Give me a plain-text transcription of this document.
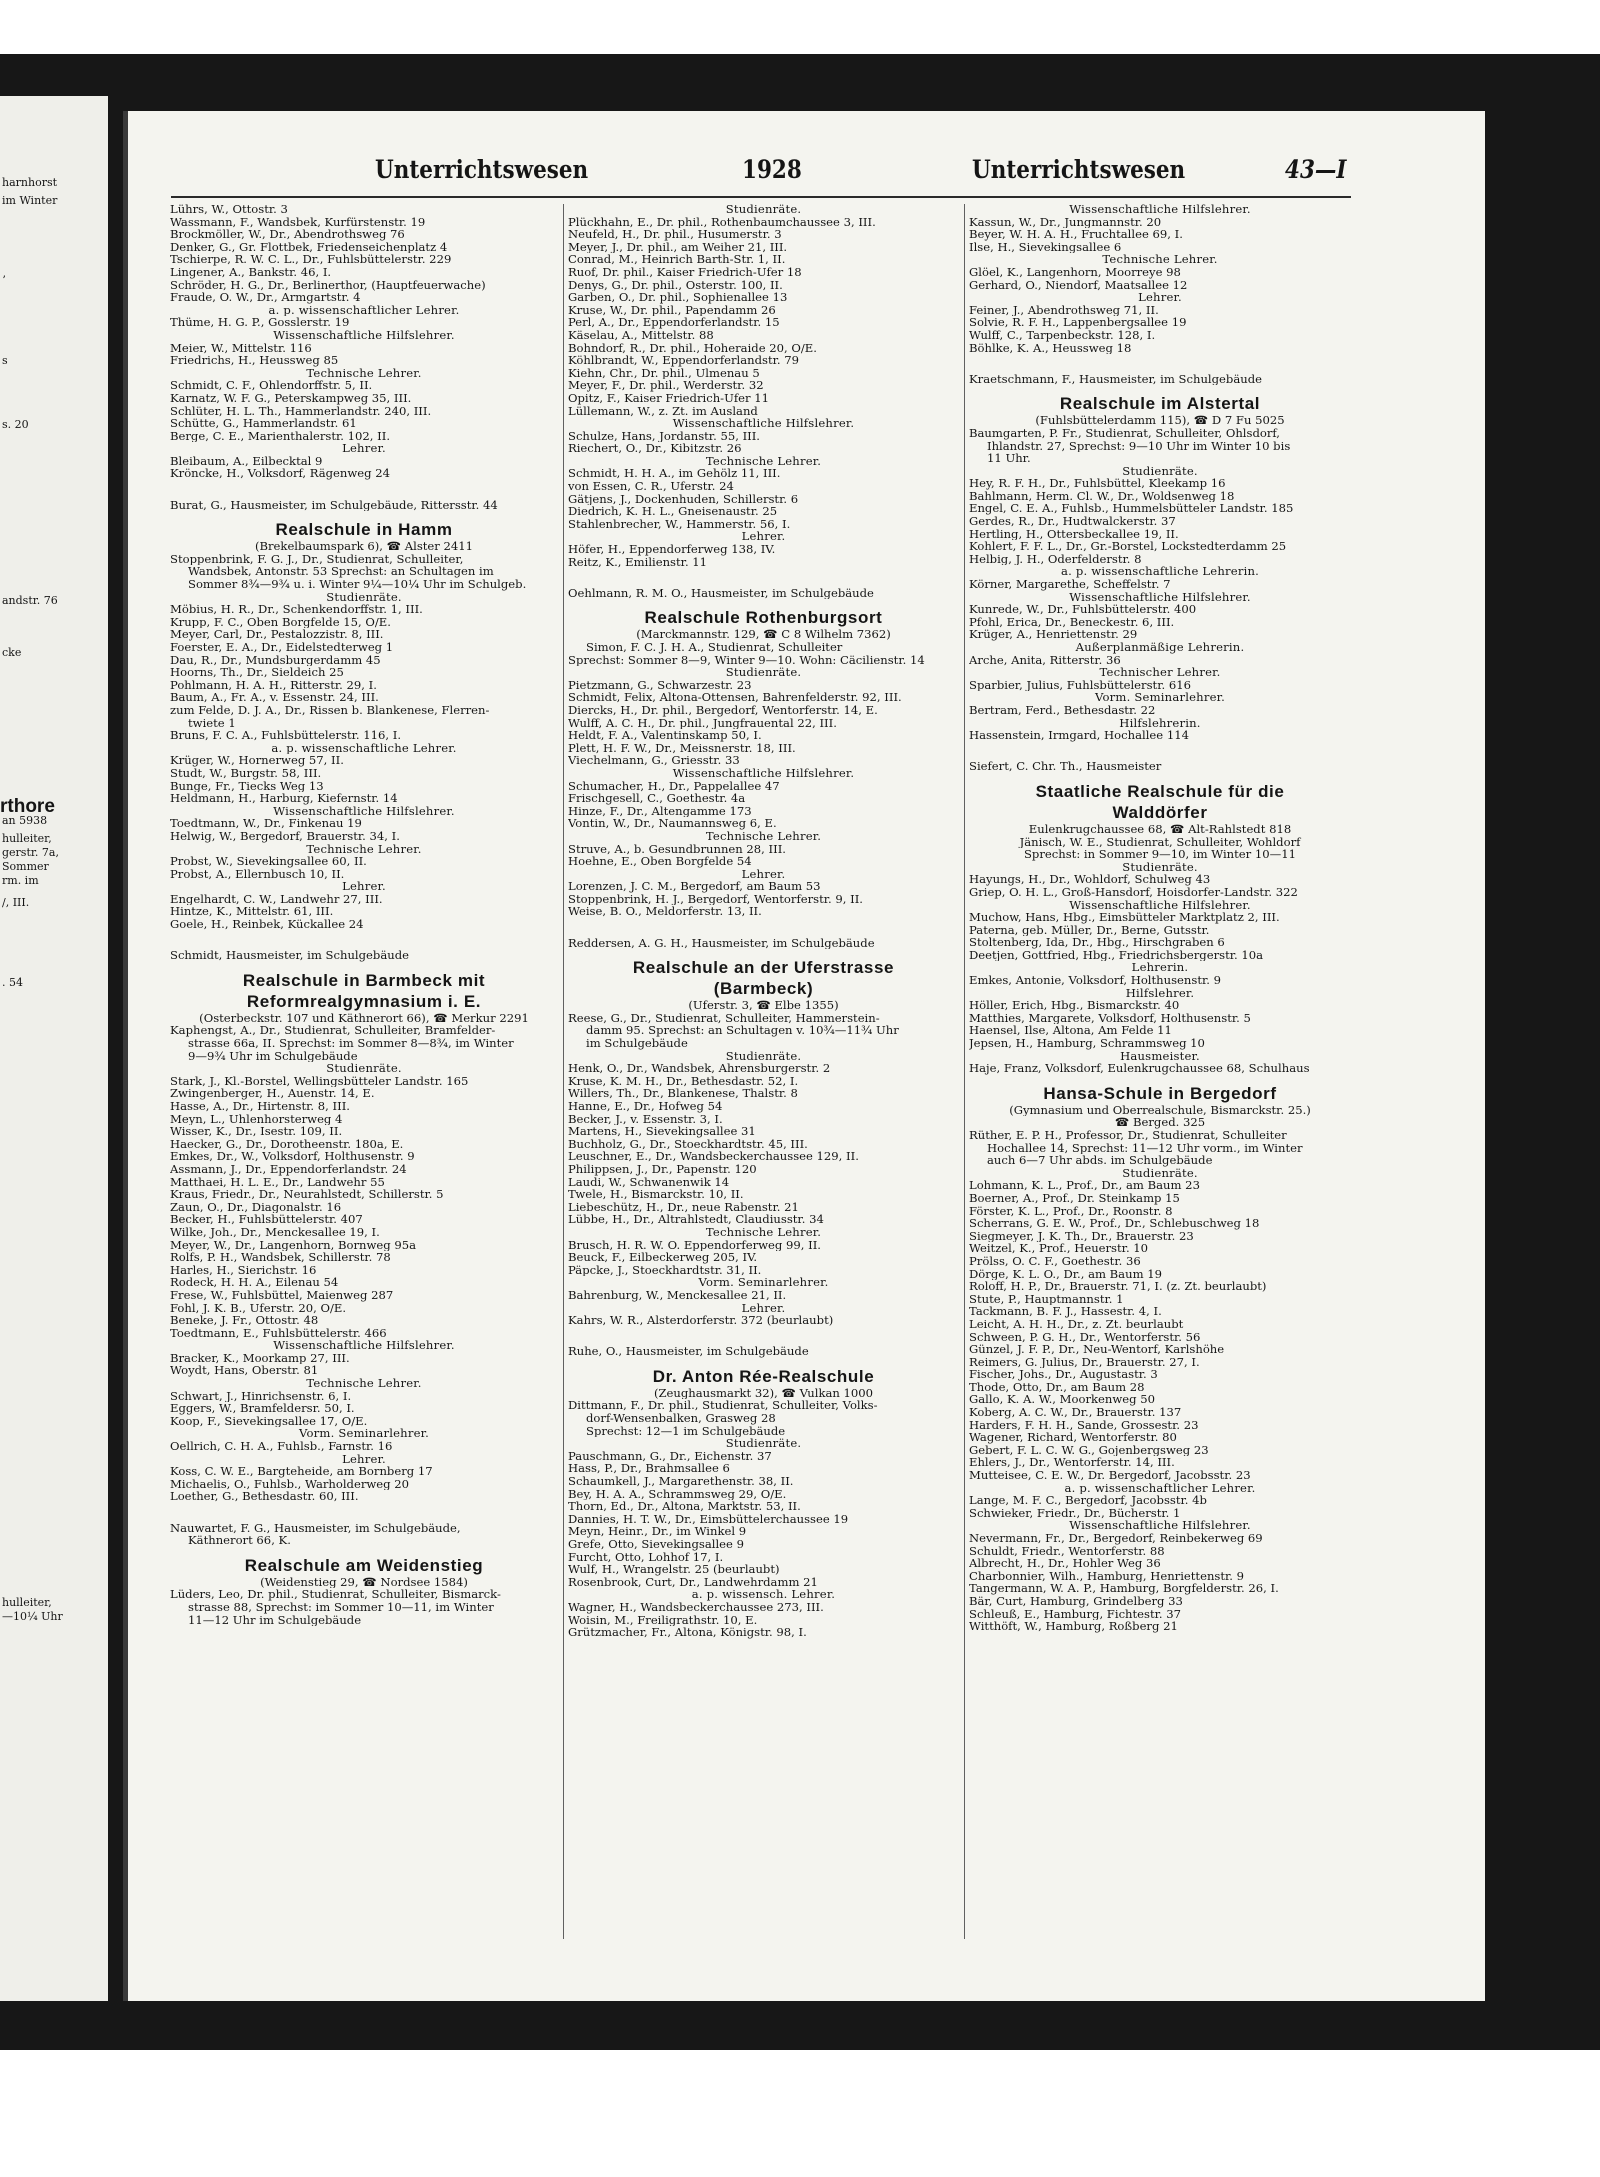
harnhorst
im Winter
ʼ
s
s. 20
andstr. 76
cke
rthore
an 5938
hulleiter,
gerstr. 7a,
Sommer
rm. im
/, III.
. 54
hulleiter,
—10¼ Uhr
Unterrichtswesen	1928	Unterrichtswesen	43—I
Lührs, W., Ottostr. 3
Wassmann, F., Wandsbek, Kurfürstenstr. 19
Brockmöller, W., Dr., Abendrothsweg 76
Denker, G., Gr. Flottbek, Friedenseichenplatz 4
Tschierpe, R. W. C. L., Dr., Fuhlsbüttelerstr. 229
Lingener, A., Bankstr. 46, I.
Schröder, H. G., Dr., Berlinerthor, (Hauptfeuerwache)
Fraude, O. W., Dr., Armgartstr. 4
a. p. wissenschaftlicher Lehrer.
Thüme, H. G. P., Gosslerstr. 19
Wissenschaftliche Hilfslehrer.
Meier, W., Mittelstr. 116
Friedrichs, H., Heussweg 85
Technische Lehrer.
Schmidt, C. F., Ohlendorffstr. 5, II.
Karnatz, W. F. G., Peterskampweg 35, III.
Schlüter, H. L. Th., Hammerlandstr. 240, III.
Schütte, G., Hammerlandstr. 61
Berge, C. E., Marienthalerstr. 102, II.
Lehrer.
Bleibaum, A., Eilbecktal 9
Kröncke, H., Volksdorf, Rägenweg 24

Burat, G., Hausmeister, im Schulgebäude, Rittersstr. 44
Realschule in Hamm
(Brekelbaumspark 6), ☎ Alster 2411
Stoppenbrink, F. G. J., Dr., Studienrat, Schulleiter,
Wandsbek, Antonstr. 53 Sprechst: an Schultagen im
Sommer 8¾—9¾ u. i. Winter 9¼—10¼ Uhr im Schulgeb.
Studienräte.
Möbius, H. R., Dr., Schenkendorffstr. 1, III.
Krupp, F. C., Oben Borgfelde 15, O/E.
Meyer, Carl, Dr., Pestalozzistr. 8, III.
Foerster, E. A., Dr., Eidelstedterweg 1
Dau, R., Dr., Mundsburgerdamm 45
Hoorns, Th., Dr., Sieldeich 25
Pohlmann, H. A. H., Ritterstr. 29, I.
Baum, A., Fr. A., v. Essenstr. 24, III.
zum Felde, D. J. A., Dr., Rissen b. Blankenese, Flerren-
twiete 1
Bruns, F. C. A., Fuhlsbüttelerstr. 116, I.
a. p. wissenschaftliche Lehrer.
Krüger, W., Hornerweg 57, II.
Studt, W., Burgstr. 58, III.
Bunge, Fr., Tiecks Weg 13
Heldmann, H., Harburg, Kiefernstr. 14
Wissenschaftliche Hilfslehrer.
Toedtmann, W., Dr., Finkenau 19
Helwig, W., Bergedorf, Brauerstr. 34, I.
Technische Lehrer.
Probst, W., Sievekingsallee 60, II.
Probst, A., Ellernbusch 10, II.
Lehrer.
Engelhardt, C. W., Landwehr 27, III.
Hintze, K., Mittelstr. 61, III.
Goele, H., Reinbek, Kückallee 24

Schmidt, Hausmeister, im Schulgebäude
Realschule in Barmbeck mit
Reformrealgymnasium i. E.
(Osterbeckstr. 107 und Käthnerort 66), ☎ Merkur 2291
Kaphengst, A., Dr., Studienrat, Schulleiter, Bramfelder-
strasse 66a, II. Sprechst: im Sommer 8—8¾, im Winter
9—9¾ Uhr im Schulgebäude
Studienräte.
Stark, J., Kl.-Borstel, Wellingsbütteler Landstr. 165
Zwingenberger, H., Auenstr. 14, E.
Hasse, A., Dr., Hirtenstr. 8, III.
Meyn, L., Uhlenhorsterweg 4
Wisser, K., Dr., Isestr. 109, II.
Haecker, G., Dr., Dorotheenstr. 180a, E.
Emkes, Dr., W., Volksdorf, Holthusenstr. 9
Assmann, J., Dr., Eppendorferlandstr. 24
Matthaei, H. L. E., Dr., Landwehr 55
Kraus, Friedr., Dr., Neurahlstedt, Schillerstr. 5
Zaun, O., Dr., Diagonalstr. 16
Becker, H., Fuhlsbüttelerstr. 407
Wilke, Joh., Dr., Menckesallee 19, I.
Meyer, W., Dr., Langenhorn, Bornweg 95a
Rolfs, P. H., Wandsbek, Schillerstr. 78
Harles, H., Sierichstr. 16
Rodeck, H. H. A., Eilenau 54
Frese, W., Fuhlsbüttel, Maienweg 287
Fohl, J. K. B., Uferstr. 20, O/E.
Beneke, J. Fr., Ottostr. 48
Toedtmann, E., Fuhlsbüttelerstr. 466
Wissenschaftliche Hilfslehrer.
Bracker, K., Moorkamp 27, III.
Woydt, Hans, Oberstr. 81
Technische Lehrer.
Schwart, J., Hinrichsenstr. 6, I.
Eggers, W., Bramfeldersr. 50, I.
Koop, F., Sievekingsallee 17, O/E.
Vorm. Seminarlehrer.
Oellrich, C. H. A., Fuhlsb., Farnstr. 16
Lehrer.
Koss, C. W. E., Bargteheide, am Bornberg 17
Michaelis, O., Fuhlsb., Warholderweg 20
Loether, G., Bethesdastr. 60, III.

Nauwartet, F. G., Hausmeister, im Schulgebäude,
Käthnerort 66, K.
Realschule am Weidenstieg
(Weidenstieg 29, ☎ Nordsee 1584)
Lüders, Leo, Dr. phil., Studienrat, Schulleiter, Bismarck-
strasse 88, Sprechst: im Sommer 10—11, im Winter
11—12 Uhr im Schulgebäude
Studienräte.
Plückhahn, E., Dr. phil., Rothenbaumchaussee 3, III.
Neufeld, H., Dr. phil., Husumerstr. 3
Meyer, J., Dr. phil., am Weiher 21, III.
Conrad, M., Heinrich Barth-Str. 1, II.
Ruof, Dr. phil., Kaiser Friedrich-Ufer 18
Denys, G., Dr. phil., Osterstr. 100, II.
Garben, O., Dr. phil., Sophienallee 13
Kruse, W., Dr. phil., Papendamm 26
Perl, A., Dr., Eppendorferlandstr. 15
Käselau, A., Mittelstr. 88
Bohndorf, R., Dr. phil., Hoheraide 20, O/E.
Köhlbrandt, W., Eppendorferlandstr. 79
Kiehn, Chr., Dr. phil., Ulmenau 5
Meyer, F., Dr. phil., Werderstr. 32
Opitz, F., Kaiser Friedrich-Ufer 11
Lüllemann, W., z. Zt. im Ausland
Wissenschaftliche Hilfslehrer.
Schulze, Hans, Jordanstr. 55, III.
Riechert, O., Dr., Kibitzstr. 26
Technische Lehrer.
Schmidt, H. H. A., im Gehölz 11, III.
von Essen, C. R., Uferstr. 24
Gätjens, J., Dockenhuden, Schillerstr. 6
Diedrich, K. H. L., Gneisenaustr. 25
Stahlenbrecher, W., Hammerstr. 56, I.
Lehrer.
Höfer, H., Eppendorferweg 138, IV.
Reitz, K., Emilienstr. 11

Oehlmann, R. M. O., Hausmeister, im Schulgebäude
Realschule Rothenburgsort
(Marckmannstr. 129, ☎ C 8 Wilhelm 7362)
Simon, F. C. J. H. A., Studienrat, Schulleiter
Sprechst: Sommer 8—9, Winter 9—10. Wohn: Cäcilienstr. 14
Studienräte.
Pietzmann, G., Schwarzestr. 23
Schmidt, Felix, Altona-Ottensen, Bahrenfelderstr. 92, III.
Diercks, H., Dr. phil., Bergedorf, Wentorferstr. 14, E.
Wulff, A. C. H., Dr. phil., Jungfrauental 22, III.
Heldt, F. A., Valentinskamp 50, I.
Plett, H. F. W., Dr., Meissnerstr. 18, III.
Viechelmann, G., Griesstr. 33
Wissenschaftliche Hilfslehrer.
Schumacher, H., Dr., Pappelallee 47
Frischgesell, C., Goethestr. 4a
Hinze, F., Dr., Altengamme 173
Vontin, W., Dr., Naumannsweg 6, E.
Technische Lehrer.
Struve, A., b. Gesundbrunnen 28, III.
Hoehne, E., Oben Borgfelde 54
Lehrer.
Lorenzen, J. C. M., Bergedorf, am Baum 53
Stoppenbrink, H. J., Bergedorf, Wentorferstr. 9, II.
Weise, B. O., Meldorferstr. 13, II.

Reddersen, A. G. H., Hausmeister, im Schulgebäude
Realschule an der Uferstrasse
(Barmbeck)
(Uferstr. 3, ☎ Elbe 1355)
Reese, G., Dr., Studienrat, Schulleiter, Hammerstein-
damm 95. Sprechst: an Schultagen v. 10¾—11¾ Uhr
im Schulgebäude
Studienräte.
Henk, O., Dr., Wandsbek, Ahrensburgerstr. 2
Kruse, K. M. H., Dr., Bethesdastr. 52, I.
Willers, Th., Dr., Blankenese, Thalstr. 8
Hanne, E., Dr., Hofweg 54
Becker, J., v. Essenstr. 3, I.
Martens, H., Sievekingsallee 31
Buchholz, G., Dr., Stoeckhardtstr. 45, III.
Leuschner, E., Dr., Wandsbeckerchaussee 129, II.
Philippsen, J., Dr., Papenstr. 120
Laudi, W., Schwanenwik 14
Twele, H., Bismarckstr. 10, II.
Liebeschütz, H., Dr., neue Rabenstr. 21
Lübbe, H., Dr., Altrahlstedt, Claudiusstr. 34
Technische Lehrer.
Brusch, H. R. W. O. Eppendorferweg 99, II.
Beuck, F., Eilbeckerweg 205, IV.
Päpcke, J., Stoeckhardtstr. 31, II.
Vorm. Seminarlehrer.
Bahrenburg, W., Menckesallee 21, II.
Lehrer.
Kahrs, W. R., Alsterdorferstr. 372 (beurlaubt)

Ruhe, O., Hausmeister, im Schulgebäude
Dr. Anton Rée-Realschule
(Zeughausmarkt 32), ☎ Vulkan 1000
Dittmann, F., Dr. phil., Studienrat, Schulleiter, Volks-
dorf-Wensenbalken, Grasweg 28
Sprechst: 12—1 im Schulgebäude
Studienräte.
Pauschmann, G., Dr., Eichenstr. 37
Hass, P., Dr., Brahmsallee 6
Schaumkell, J., Margarethenstr. 38, II.
Bey, H. A. A., Schrammsweg 29, O/E.
Thorn, Ed., Dr., Altona, Marktstr. 53, II.
Dannies, H. T. W., Dr., Eimsbüttelerchaussee 19
Meyn, Heinr., Dr., im Winkel 9
Grefe, Otto, Sievekingsallee 9
Furcht, Otto, Lohhof 17, I.
Wulf, H., Wrangelstr. 25 (beurlaubt)
Rosenbrook, Curt, Dr., Landwehrdamm 21
a. p. wissensch. Lehrer.
Wagner, H., Wandsbeckerchaussee 273, III.
Woisin, M., Freiligrathstr. 10, E.
Grützmacher, Fr., Altona, Königstr. 98, I.
Wissenschaftliche Hilfslehrer.
Kassun, W., Dr., Jungmannstr. 20
Beyer, W. H. A. H., Fruchtallee 69, I.
Ilse, H., Sievekingsallee 6
Technische Lehrer.
Glöel, K., Langenhorn, Moorreye 98
Gerhard, O., Niendorf, Maatsallee 12
Lehrer.
Feiner, J., Abendrothsweg 71, II.
Solvie, R. F. H., Lappenbergsallee 19
Wulff, C., Tarpenbeckstr. 128, I.
Böhlke, K. A., Heussweg 18

Kraetschmann, F., Hausmeister, im Schulgebäude
Realschule im Alstertal
(Fuhlsbüttelerdamm 115), ☎ D 7 Fu 5025
Baumgarten, P. Fr., Studienrat, Schulleiter, Ohlsdorf,
Ihlandstr. 27, Sprechst: 9—10 Uhr im Winter 10 bis
11 Uhr.
Studienräte.
Hey, R. F. H., Dr., Fuhlsbüttel, Kleekamp 16
Bahlmann, Herm. Cl. W., Dr., Woldsenweg 18
Engel, C. E. A., Fuhlsb., Hummelsbütteler Landstr. 185
Gerdes, R., Dr., Hudtwalckerstr. 37
Hertling, H., Ottersbeckallee 19, II.
Kohlert, F. F. L., Dr., Gr.-Borstel, Lockstedterdamm 25
Helbig, J. H., Oderfelderstr. 8
a. p. wissenschaftliche Lehrerin.
Körner, Margarethe, Scheffelstr. 7
Wissenschaftliche Hilfslehrer.
Kunrede, W., Dr., Fuhlsbüttelerstr. 400
Pfohl, Erica, Dr., Beneckestr. 6, III.
Krüger, A., Henriettenstr. 29
Außerplanmäßige Lehrerin.
Arche, Anita, Ritterstr. 36
Technischer Lehrer.
Sparbier, Julius, Fuhlsbüttelerstr. 616
Vorm. Seminarlehrer.
Bertram, Ferd., Bethesdastr. 22
Hilfslehrerin.
Hassenstein, Irmgard, Hochallee 114

Siefert, C. Chr. Th., Hausmeister
Staatliche Realschule für die
Walddörfer
Eulenkrugchaussee 68, ☎ Alt-Rahlstedt 818
Jänisch, W. E., Studienrat, Schulleiter, Wohldorf
Sprechst: in Sommer 9—10, im Winter 10—11
Studienräte.
Hayungs, H., Dr., Wohldorf, Schulweg 43
Griep, O. H. L., Groß-Hansdorf, Hoisdorfer-Landstr. 322
Wissenschaftliche Hilfslehrer.
Muchow, Hans, Hbg., Eimsbütteler Marktplatz 2, III.
Paterna, geb. Müller, Dr., Berne, Gutsstr.
Stoltenberg, Ida, Dr., Hbg., Hirschgraben 6
Deetjen, Gottfried, Hbg., Friedrichsbergerstr. 10a
Lehrerin.
Emkes, Antonie, Volksdorf, Holthusenstr. 9
Hilfslehrer.
Höller, Erich, Hbg., Bismarckstr. 40
Matthies, Margarete, Volksdorf, Holthusenstr. 5
Haensel, Ilse, Altona, Am Felde 11
Jepsen, H., Hamburg, Schrammsweg 10
Hausmeister.
Haje, Franz, Volksdorf, Eulenkrugchaussee 68, Schulhaus
Hansa-Schule in Bergedorf
(Gymnasium und Oberrealschule, Bismarckstr. 25.)
☎ Berged. 325
Rüther, E. P. H., Professor, Dr., Studienrat, Schulleiter
Hochallee 14, Sprechst: 11—12 Uhr vorm., im Winter
auch 6—7 Uhr abds. im Schulgebäude
Studienräte.
Lohmann, K. L., Prof., Dr., am Baum 23
Boerner, A., Prof., Dr. Steinkamp 15
Förster, K. L., Prof., Dr., Roonstr. 8
Scherrans, G. E. W., Prof., Dr., Schlebuschweg 18
Siegmeyer, J. K. Th., Dr., Brauerstr. 23
Weitzel, K., Prof., Heuerstr. 10
Prölss, O. C. F., Goethestr. 36
Dörge, K. L. O., Dr., am Baum 19
Roloff, H. P., Dr., Brauerstr. 71, I. (z. Zt. beurlaubt)
Stute, P., Hauptmannstr. 1
Tackmann, B. F. J., Hassestr. 4, I.
Leicht, A. H. H., Dr., z. Zt. beurlaubt
Schween, P. G. H., Dr., Wentorferstr. 56
Günzel, J. F. P., Dr., Neu-Wentorf, Karlshöhe
Reimers, G. Julius, Dr., Brauerstr. 27, I.
Fischer, Johs., Dr., Augustastr. 3
Thode, Otto, Dr., am Baum 28
Gallo, K. A. W., Moorkenweg 50
Koberg, A. C. W., Dr., Brauerstr. 137
Harders, F. H. H., Sande, Grossestr. 23
Wagener, Richard, Wentorferstr. 80
Gebert, F. L. C. W. G., Gojenbergsweg 23
Ehlers, J., Dr., Wentorferstr. 14, III.
Mutteisee, C. E. W., Dr. Bergedorf, Jacobsstr. 23
a. p. wissenschaftlicher Lehrer.
Lange, M. F. C., Bergedorf, Jacobsstr. 4b
Schwieker, Friedr., Dr., Bücherstr. 1
Wissenschaftliche Hilfslehrer.
Nevermann, Fr., Dr., Bergedorf, Reinbekerweg 69
Schuldt, Friedr., Wentorferstr. 88
Albrecht, H., Dr., Hohler Weg 36
Charbonnier, Wilh., Hamburg, Henriettenstr. 9
Tangermann, W. A. P., Hamburg, Borgfelderstr. 26, I.
Bär, Curt, Hamburg, Grindelberg 33
Schleuß, E., Hamburg, Fichtestr. 37
Witthöft, W., Hamburg, Roßberg 21
